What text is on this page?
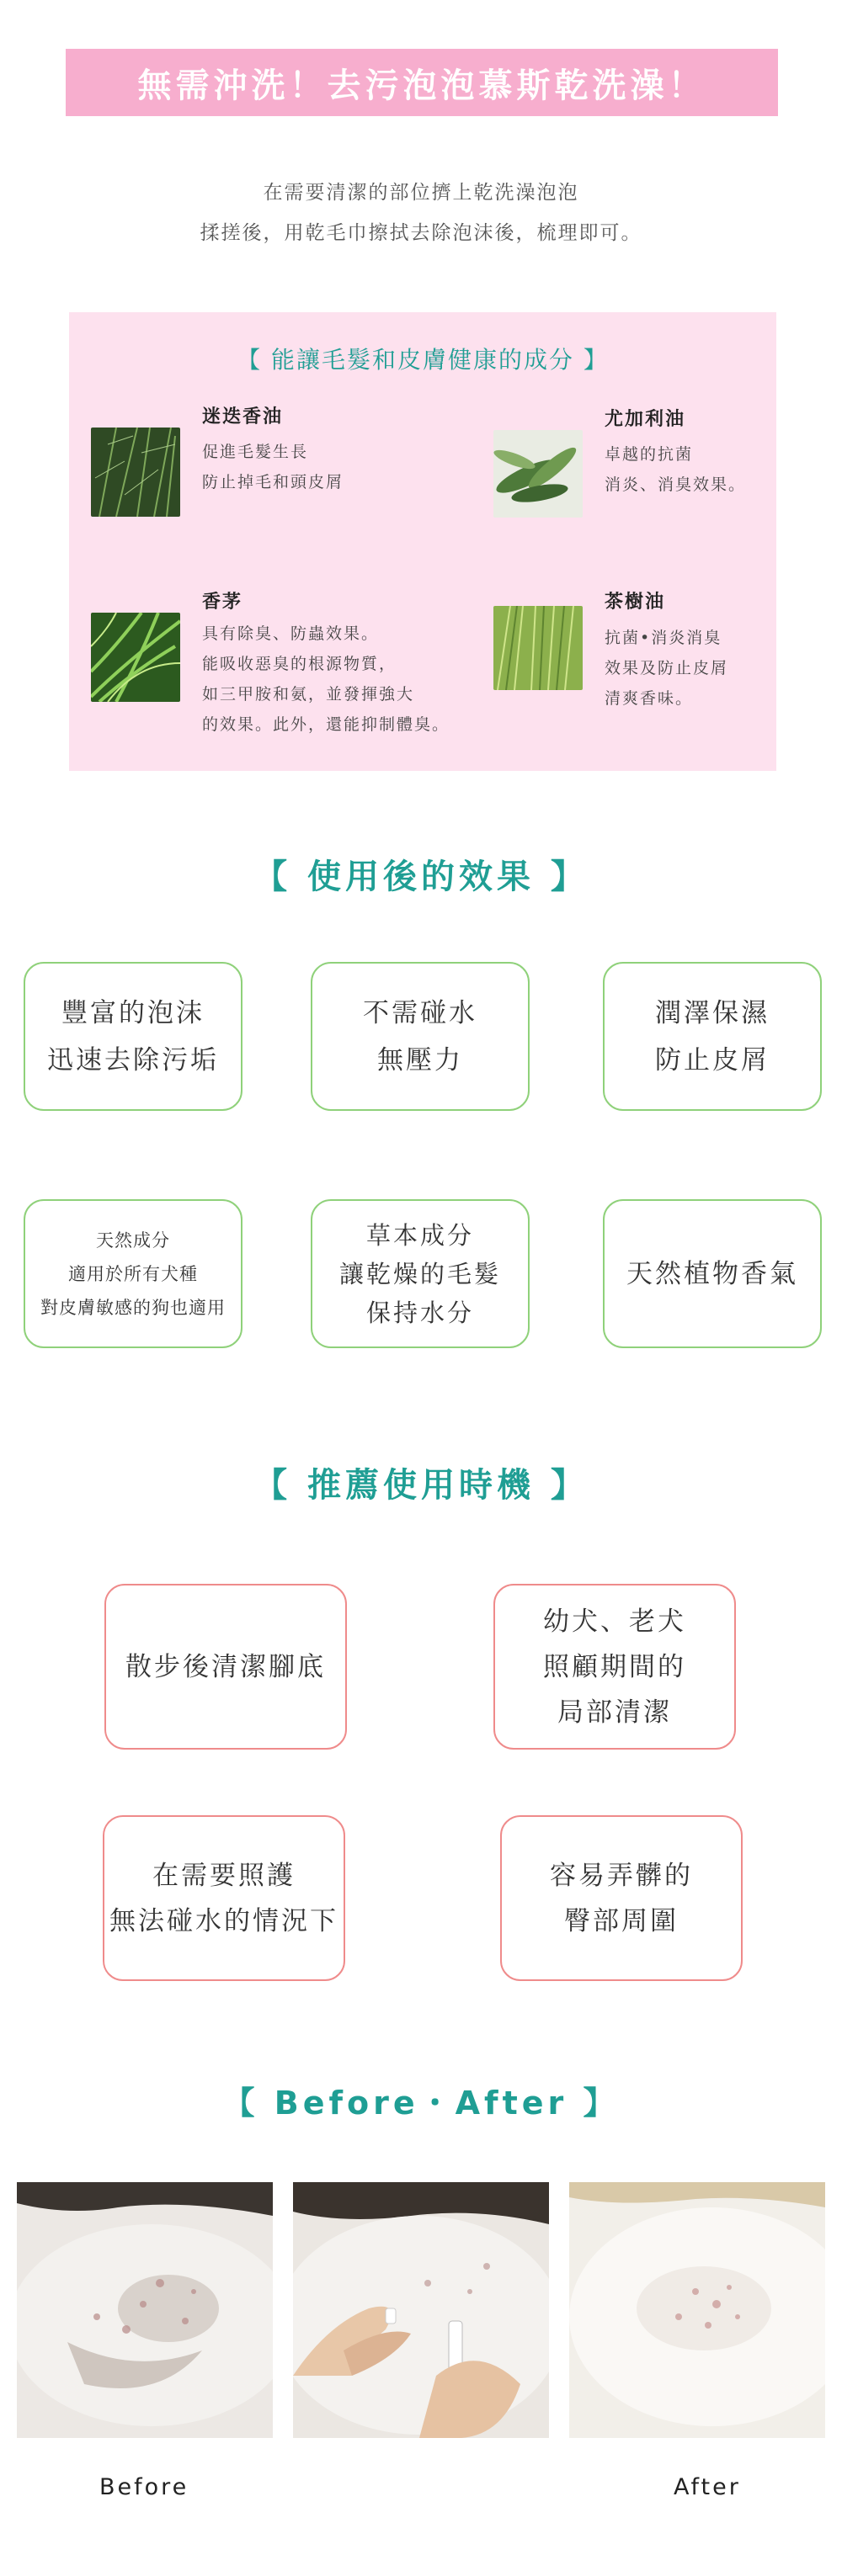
無需沖洗！去污泡泡慕斯乾洗澡！
在需要清潔的部位擠上乾洗澡泡泡
揉搓後，用乾毛巾擦拭去除泡沫後，梳理即可。
【 能讓毛髮和皮膚健康的成分 】
迷迭香油
促進毛髮生長
防止掉毛和頭皮屑
尤加利油
卓越的抗菌
消炎、消臭效果。
香茅
具有除臭、防蟲效果。
能吸收惡臭的根源物質，
如三甲胺和氨，並發揮強大
的效果。此外，還能抑制體臭。
茶樹油
抗菌•消炎消臭
效果及防止皮屑
清爽香味。
【 使用後的效果 】
豐富的泡沫
迅速去除污垢
不需碰水
無壓力
潤澤保濕
防止皮屑
天然成分
適用於所有犬種
對皮膚敏感的狗也適用
草本成分
讓乾燥的毛髮
保持水分
天然植物香氣
【 推薦使用時機 】
散步後清潔腳底
幼犬、老犬
照顧期間的
局部清潔
在需要照護
無法碰水的情況下
容易弄髒的
臀部周圍
【 Before・After 】
Before	After
